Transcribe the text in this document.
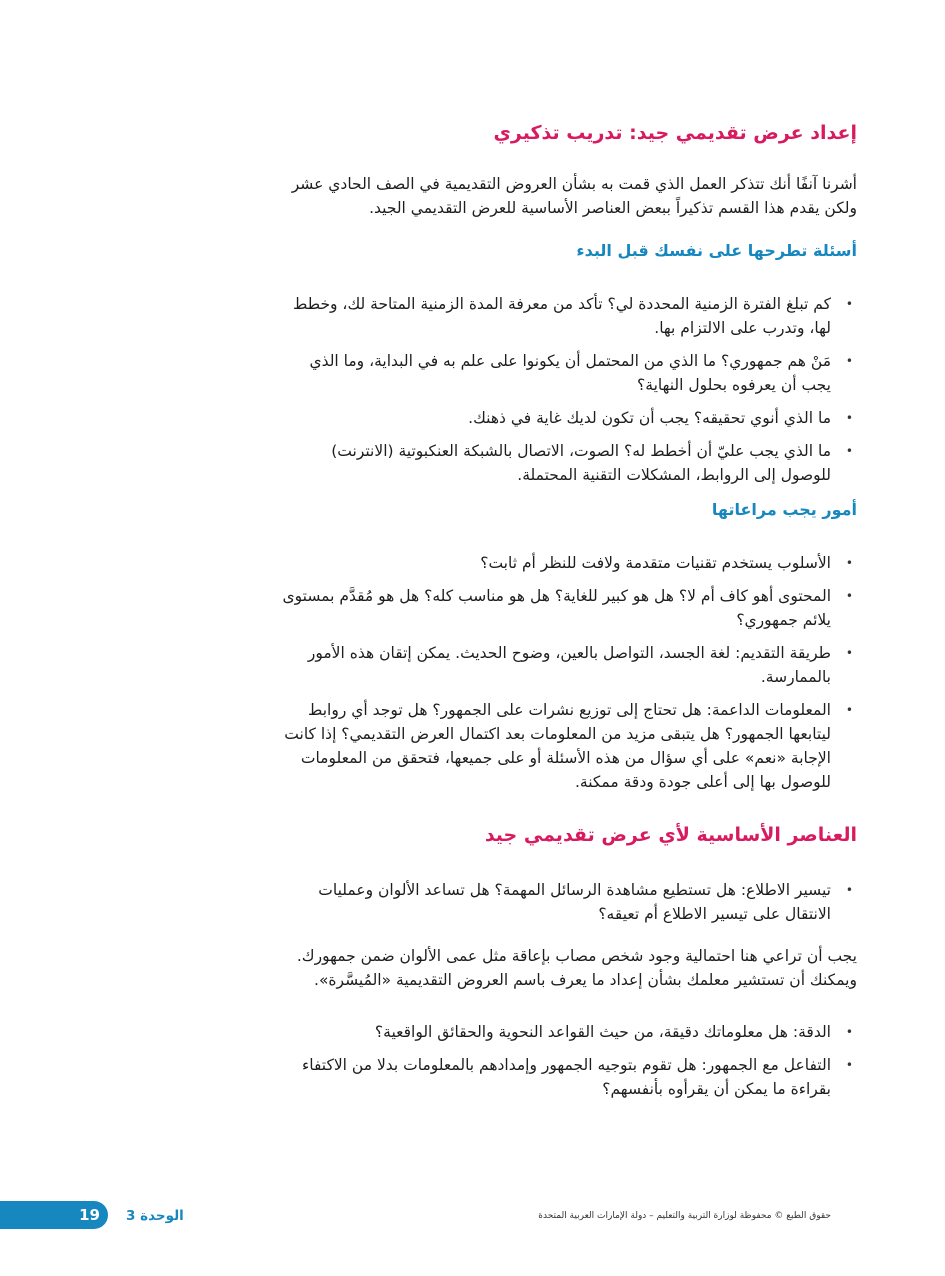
إعداد عرض تقديمي جيد: تدريب تذكيري

أشرنا آنفًا أنك تتذكر العمل الذي قمت به بشأن العروض التقديمية في الصف الحادي عشر
ولكن يقدم هذا القسم تذكيراً ببعض العناصر الأساسية للعرض التقديمي الجيد.

أسئلة تطرحها على نفسك قبل البدء
•
كم تبلغ الفترة الزمنية المحددة لي؟ تأكد من معرفة المدة الزمنية المتاحة لك، وخطط لها، وتدرب على الالتزام بها.
•
مَنْ هم جمهوري؟ ما الذي من المحتمل أن يكونوا على علم به في البداية، وما الذي يجب أن يعرفوه بحلول النهاية؟
•
ما الذي أنوي تحقيقه؟ يجب أن تكون لديك غاية في ذهنك.
•
ما الذي يجب عليّ أن أخطط له؟ الصوت، الاتصال بالشبكة العنكبوتية (الانترنت) للوصول إلى الروابط، المشكلات التقنية المحتملة.
أمور يجب مراعاتها
•
الأسلوب يستخدم تقنيات متقدمة ولافت للنظر أم ثابت؟
•
المحتوى أهو كاف أم لا؟ هل هو كبير للغاية؟ هل هو مناسب كله؟ هل هو مُقدَّم بمستوى يلائم جمهوري؟
•
طريقة التقديم: لغة الجسد، التواصل بالعين، وضوح الحديث. يمكن إتقان هذه الأمور بالممارسة.
•
المعلومات الداعمة: هل تحتاج إلى توزيع نشرات على الجمهور؟ هل توجد أي روابط ليتابعها الجمهور؟ هل يتبقى مزيد من المعلومات بعد اكتمال العرض التقديمي؟ إذا كانت الإجابة «نعم» على أي سؤال من هذه الأسئلة أو على جميعها، فتحقق من المعلومات للوصول بها إلى أعلى جودة ودقة ممكنة.
العناصر الأساسية لأي عرض تقديمي جيد
•
تيسير الاطلاع: هل تستطيع مشاهدة الرسائل المهمة؟ هل تساعد الألوان وعمليات الانتقال على تيسير الاطلاع أم تعيقه؟

يجب أن تراعي هنا احتمالية وجود شخص مصاب بإعاقة مثل عمى الألوان ضمن جمهورك.
ويمكنك أن تستشير معلمك بشأن إعداد ما يعرف باسم العروض التقديمية «المُيسَّرة».

•
الدقة: هل معلوماتك دقيقة، من حيث القواعد النحوية والحقائق الواقعية؟
•
التفاعل مع الجمهور: هل تقوم بتوجيه الجمهور وإمدادهم بالمعلومات بدلا من الاكتفاء بقراءة ما يمكن أن يقرأوه بأنفسهم؟
19 الوحدة 3	حقوق الطبع © محفوظة لوزارة التربية والتعليم – دولة الإمارات العربية المتحدة
